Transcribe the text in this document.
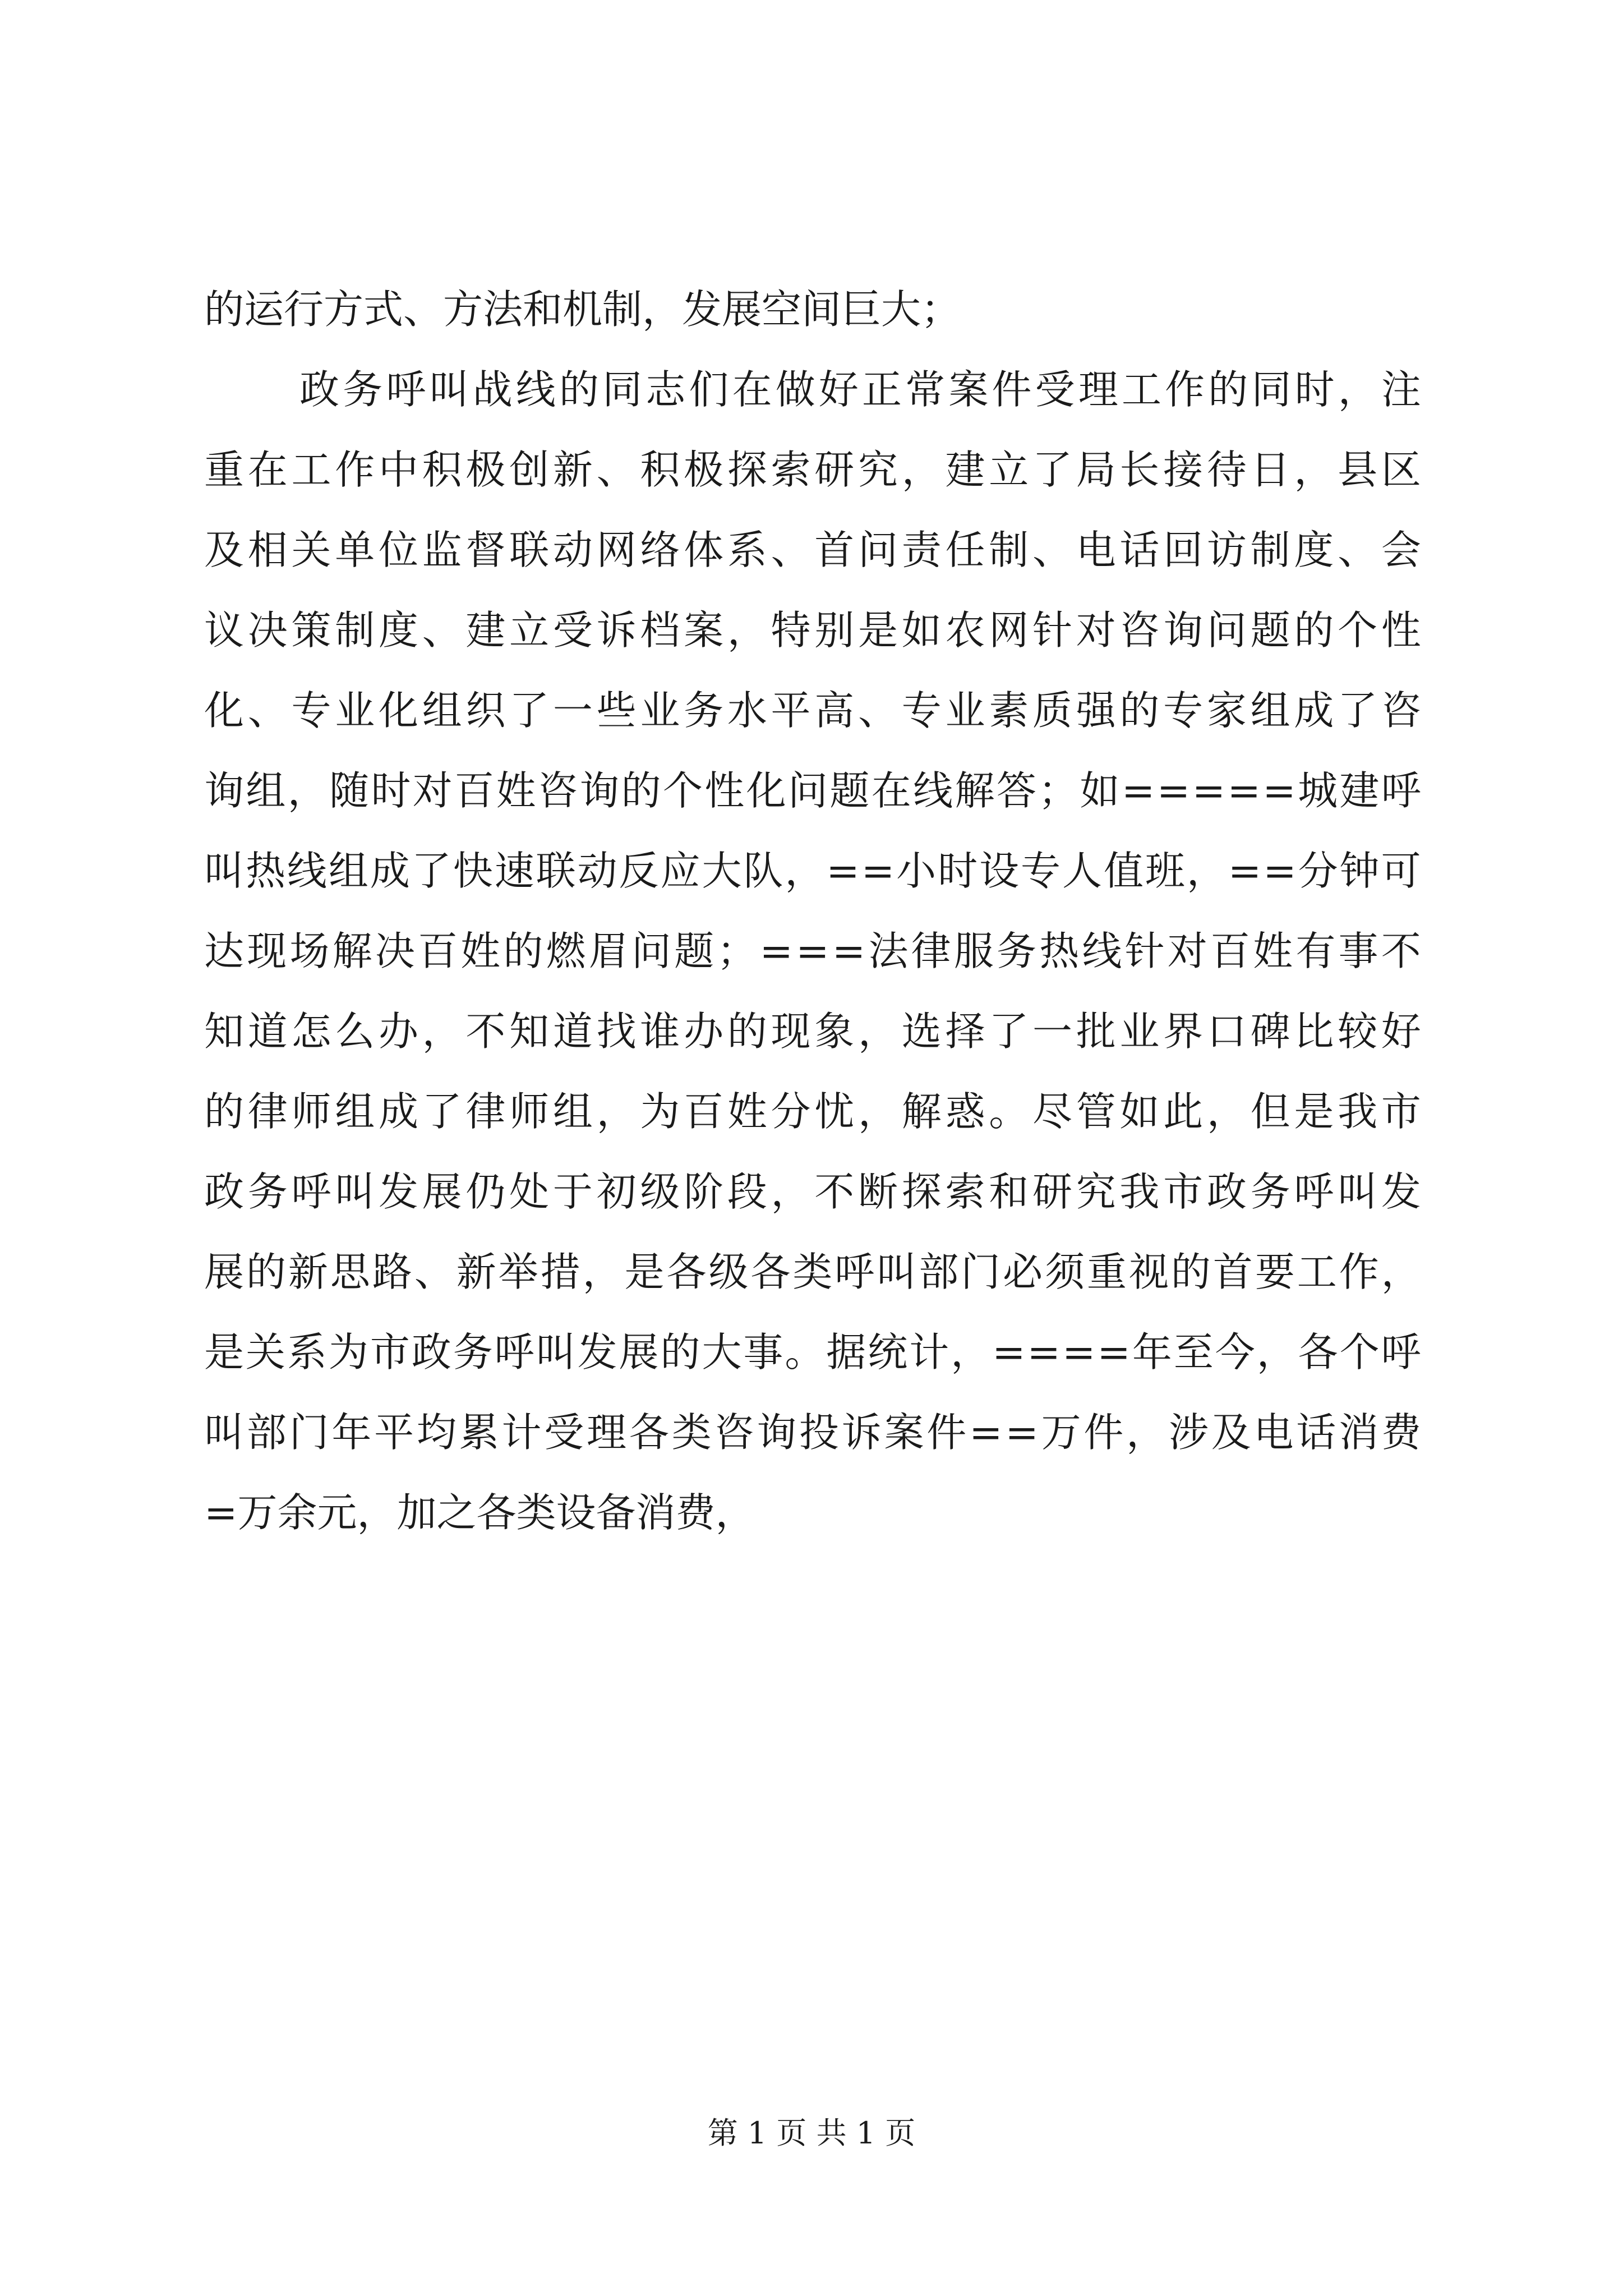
的运行方式、方法和机制，发展空间巨大；
政 务 呼 叫 战 线 的 同 志 们 在 做 好 正 常 案 件 受 理 工 作 的 同 时 ， 注
重 在 工 作 中 积 极 创 新 、 积 极 探 索 研 究 ， 建 立 了 局 长 接 待 日 ， 县 区
及 相 关 单 位 监 督 联 动 网 络 体 系 、 首 问 责 任 制 、 电 话 回 访 制 度 、 会
议 决 策 制 度 、 建 立 受 诉 档 案 ， 特 别 是 如 农 网 针 对 咨 询 问 题 的 个 性
化 、 专 业 化 组 织 了 一 些 业 务 水 平 高 、 专 业 素 质 强 的 专 家 组 成 了 咨
询 组 ， 随 时 对 百 姓 咨 询 的 个 性 化 问 题 在 线 解 答 ； 如 = = = = = 城 建 呼
叫 热 线 组 成 了 快 速 联 动 反 应 大 队 ， = = 小 时 设 专 人 值 班 ， = = 分 钟 可
达 现 场 解 决 百 姓 的 燃 眉 问 题 ； = = = 法 律 服 务 热 线 针 对 百 姓 有 事 不
知 道 怎 么 办 ， 不 知 道 找 谁 办 的 现 象 ， 选 择 了 一 批 业 界 口 碑 比 较 好
的 律 师 组 成 了 律 师 组 ， 为 百 姓 分 忧 ， 解 惑 。 尽 管 如 此 ， 但 是 我 市
政 务 呼 叫 发 展 仍 处 于 初 级 阶 段 ， 不 断 探 索 和 研 究 我 市 政 务 呼 叫 发
展 的 新 思 路 、 新 举 措 ， 是 各 级 各 类 呼 叫 部 门 必 须 重 视 的 首 要 工 作 ，
是 关 系 为 市 政 务 呼 叫 发 展 的 大 事 。 据 统 计 ， = = = = 年 至 今 ， 各 个 呼
叫 部 门 年 平 均 累 计 受 理 各 类 咨 询 投 诉 案 件 = = 万 件 ， 涉 及 电 话 消 费
=万余元，加之各类设备消费，
第 1 页 共 1 页
